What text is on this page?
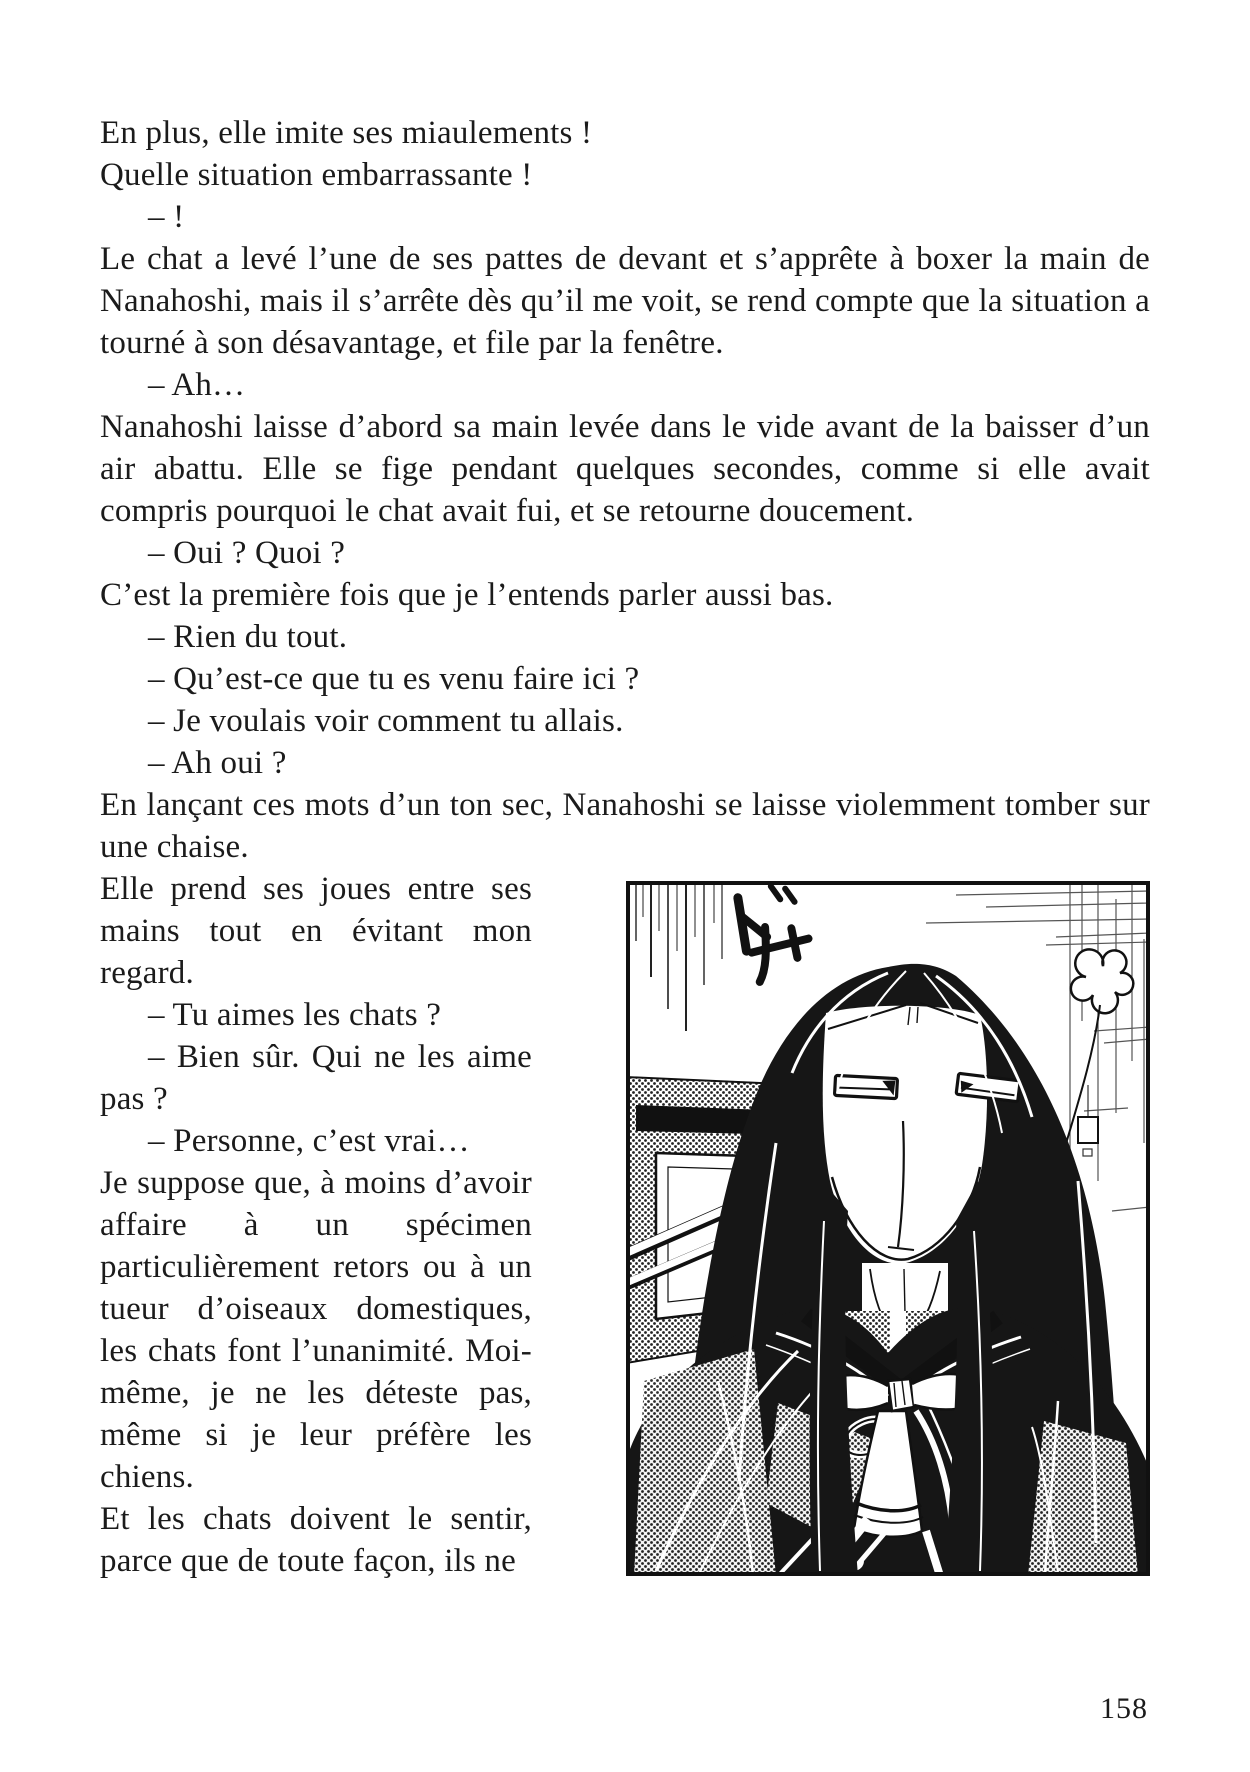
En plus, elle imite ses miaulements !

Quelle situation embarrassante !

– !

Le chat a levé l’une de ses pattes de devant et s’apprête à boxer la main de Nanahoshi, mais il s’arrête dès qu’il me voit, se rend compte que la situation a tourné à son désavantage, et file par la fenêtre.

– Ah…

Nanahoshi laisse d’abord sa main levée dans le vide avant de la baisser d’un air abattu. Elle se fige pendant quelques secondes, comme si elle avait compris pourquoi le chat avait fui, et se retourne doucement.

– Oui ? Quoi ?

C’est la première fois que je l’entends parler aussi bas.

– Rien du tout.

– Qu’est-ce que tu es venu faire ici ?

– Je voulais voir comment tu allais.

– Ah oui ?

En lançant ces mots d’un ton sec, Nanahoshi se laisse violemment tomber sur une chaise.

Elle prend ses joues entre ses mains tout en évitant mon regard.

– Tu aimes les chats ?

– Bien sûr. Qui ne les aime pas ?

– Personne, c’est vrai…

Je suppose que, à moins d’avoir affaire à un spécimen particulièrement retors ou à un tueur d’oiseaux domestiques, les chats font l’unanimité. Moi-même, je ne les déteste pas, même si je leur préfère les chiens.

Et les chats doivent le sentir, parce que de toute façon, ils ne

158
